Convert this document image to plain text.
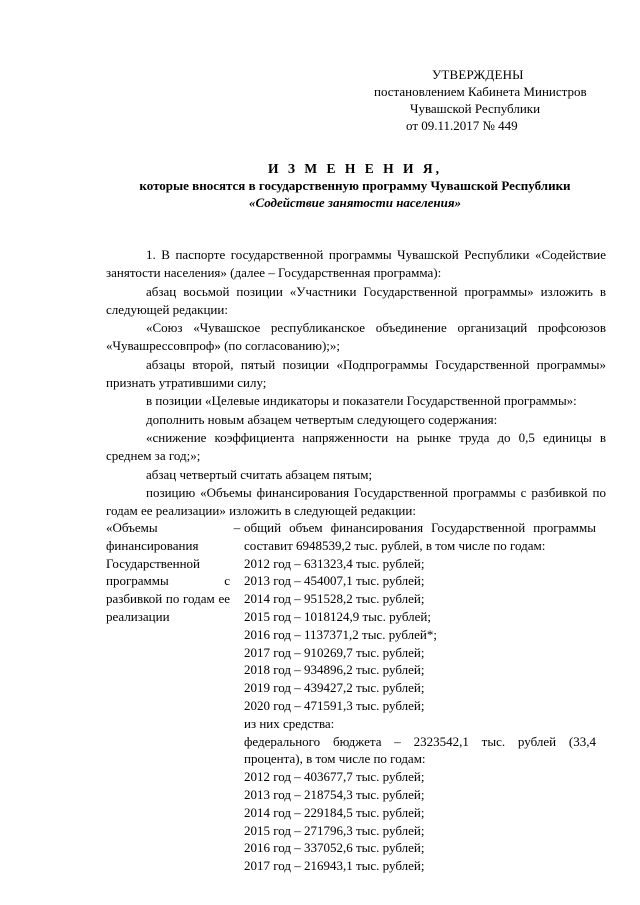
УТВЕРЖДЕНЫ
постановлением Кабинета Министров
Чувашской Республики
от 09.11.2017 № 449
И З М Е Н Е Н И Я,
которые вносятся в государственную программу Чувашской Республики
«Содействие занятости населения»

1. В паспорте государственной программы Чувашской Республики «Содействие занятости населения» (далее – Государственная программа):

абзац восьмой позиции «Участники Государственной программы» изложить в следующей редакции:

«Союз «Чувашское республиканское объединение организаций профсоюзов «Чувашрессовпроф» (по согласованию);»;

абзацы второй, пятый позиции «Подпрограммы Государственной программы» признать утратившими силу;

в позиции «Целевые индикаторы и показатели Государственной программы»:

дополнить новым абзацем четвертым следующего содержания:

«снижение коэффициента напряженности на рынке труда до 0,5 единицы в среднем за год;»;

абзац четвертый считать абзацем пятым;

позицию «Объемы финансирования Государственной программы с разбивкой по годам ее реализации» изложить в следующей редакции:

«Объемы финансирования Государственной программы с разбивкой по годам ее реализации
– общий объем финансирования Государственной программы составит 6948539,2 тыс. рублей, в том числе по годам:
2012 год – 631323,4 тыс. рублей;
2013 год – 454007,1 тыс. рублей;
2014 год – 951528,2 тыс. рублей;
2015 год – 1018124,9 тыс. рублей;
2016 год – 1137371,2 тыс. рублей*;
2017 год – 910269,7 тыс. рублей;
2018 год – 934896,2 тыс. рублей;
2019 год – 439427,2 тыс. рублей;
2020 год – 471591,3 тыс. рублей;
из них средства:
федерального бюджета – 2323542,1 тыс. рублей (33,4 процента), в том числе по годам:
2012 год – 403677,7 тыс. рублей;
2013 год – 218754,3 тыс. рублей;
2014 год – 229184,5 тыс. рублей;
2015 год – 271796,3 тыс. рублей;
2016 год – 337052,6 тыс. рублей;
2017 год – 216943,1 тыс. рублей;
